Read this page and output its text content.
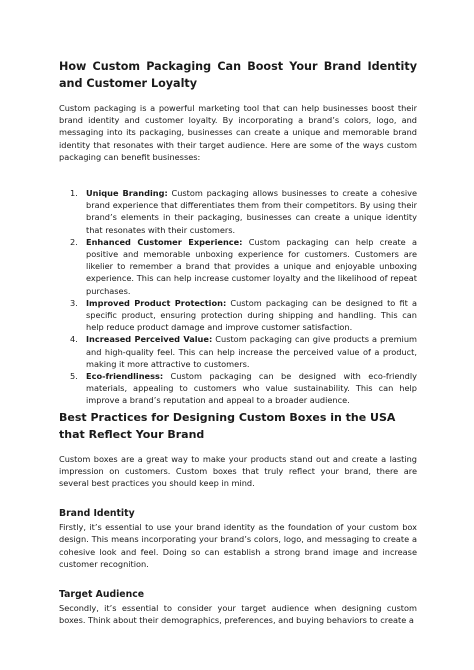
How Custom Packaging Can Boost Your Brand Identity and Customer Loyalty

Custom packaging is a powerful marketing tool that can help businesses boost their brand identity and customer loyalty. By incorporating a brand’s colors, logo, and messaging into its packaging, businesses can create a unique and memorable brand identity that resonates with their target audience. Here are some of the ways custom packaging can benefit businesses:

1. Unique Branding: Custom packaging allows businesses to create a cohesive brand experience that differentiates them from their competitors. By using their brand’s elements in their packaging, businesses can create a unique identity that resonates with their customers.
2. Enhanced Customer Experience: Custom packaging can help create a positive and memorable unboxing experience for customers. Customers are likelier to remember a brand that provides a unique and enjoyable unboxing experience. This can help increase customer loyalty and the likelihood of repeat purchases.
3. Improved Product Protection: Custom packaging can be designed to fit a specific product, ensuring protection during shipping and handling. This can help reduce product damage and improve customer satisfaction.
4. Increased Perceived Value: Custom packaging can give products a premium and high-quality feel. This can help increase the perceived value of a product, making it more attractive to customers.
5. Eco-friendliness: Custom packaging can be designed with eco-friendly materials, appealing to customers who value sustainability. This can help improve a brand’s reputation and appeal to a broader audience.
Best Practices for Designing Custom Boxes in the USA that Reflect Your Brand

Custom boxes are a great way to make your products stand out and create a lasting impression on customers. Custom boxes that truly reflect your brand, there are several best practices you should keep in mind.

Brand Identity

Firstly, it’s essential to use your brand identity as the foundation of your custom box design. This means incorporating your brand’s colors, logo, and messaging to create a cohesive look and feel. Doing so can establish a strong brand image and increase customer recognition.

Target Audience

Secondly, it’s essential to consider your target audience when designing custom boxes. Think about their demographics, preferences, and buying behaviors to create a
